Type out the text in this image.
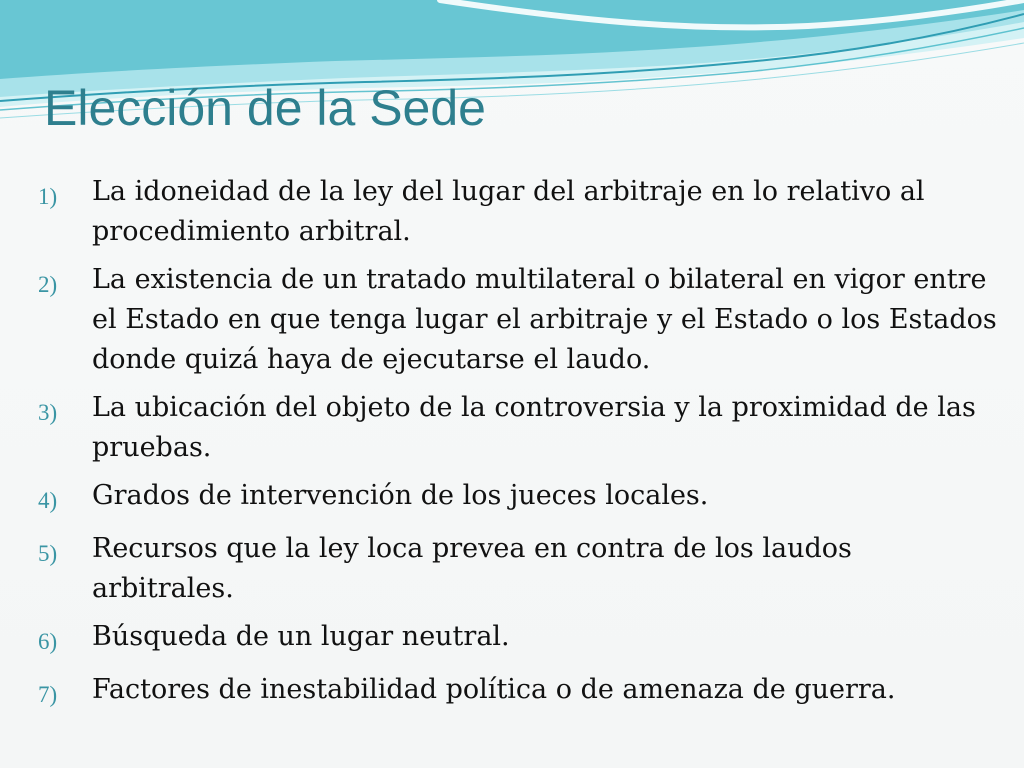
Elección de la Sede
1)	La idoneidad de la ley del lugar del arbitraje en lo relativo al procedimiento arbitral.
2)	La existencia de un tratado multilateral o bilateral en vigor entre el Estado en que tenga lugar el arbitraje y el Estado o los Estados donde quizá haya de ejecutarse el laudo.
3)	La ubicación del objeto de la controversia y la proximidad de las pruebas.
4)	Grados de intervención de los jueces locales.
5)	Recursos que la ley loca prevea en contra de los laudos arbitrales.
6)	Búsqueda de un lugar neutral.
7)	Factores de inestabilidad política o de amenaza de guerra.
